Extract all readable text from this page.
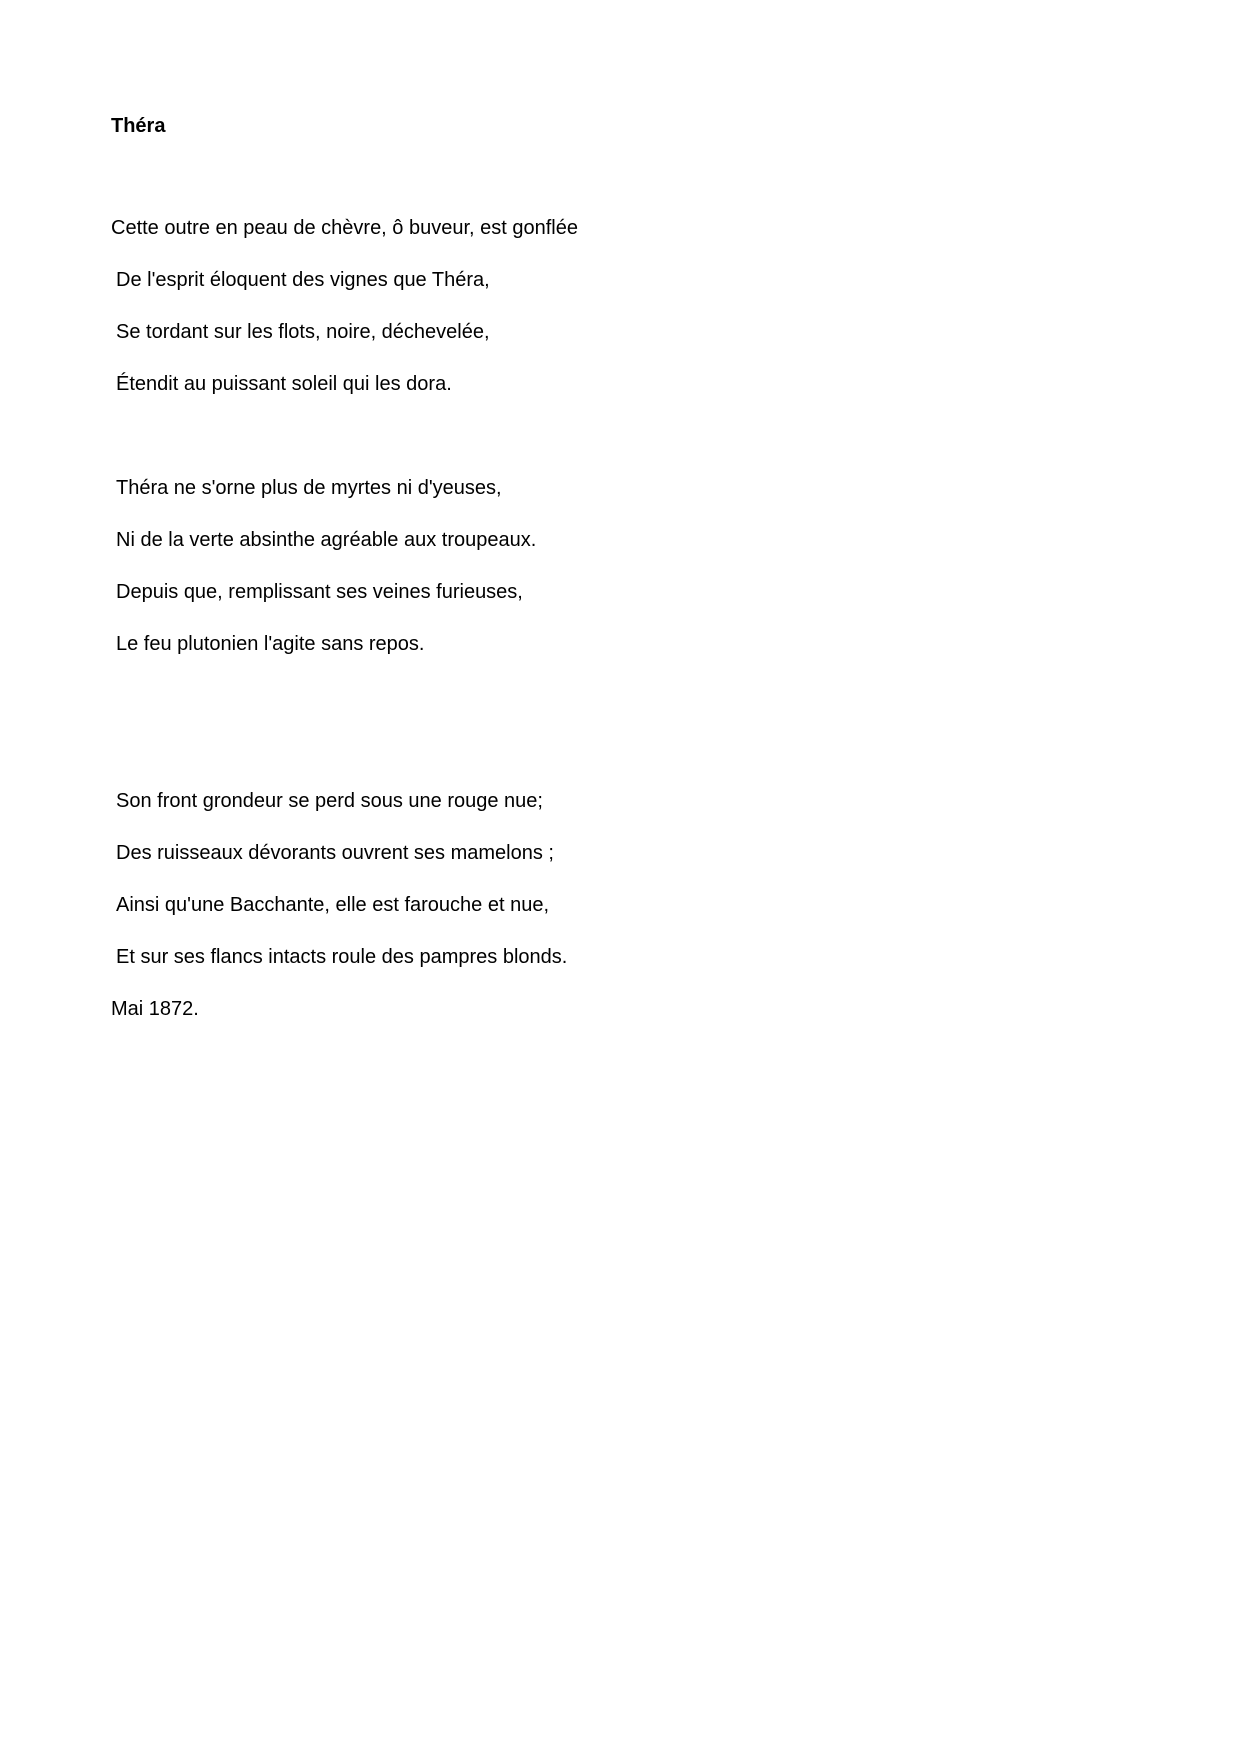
Théra
Cette outre en peau de chèvre, ô buveur, est gonflée
De l'esprit éloquent des vignes que Théra,
Se tordant sur les flots, noire, déchevelée,
Étendit au puissant soleil qui les dora.
Théra ne s'orne plus de myrtes ni d'yeuses,
Ni de la verte absinthe agréable aux troupeaux.
Depuis que, remplissant ses veines furieuses,
Le feu plutonien l'agite sans repos.
Son front grondeur se perd sous une rouge nue;
Des ruisseaux dévorants ouvrent ses mamelons ;
Ainsi qu'une Bacchante, elle est farouche et nue,
Et sur ses flancs intacts roule des pampres blonds.
Mai 1872.
